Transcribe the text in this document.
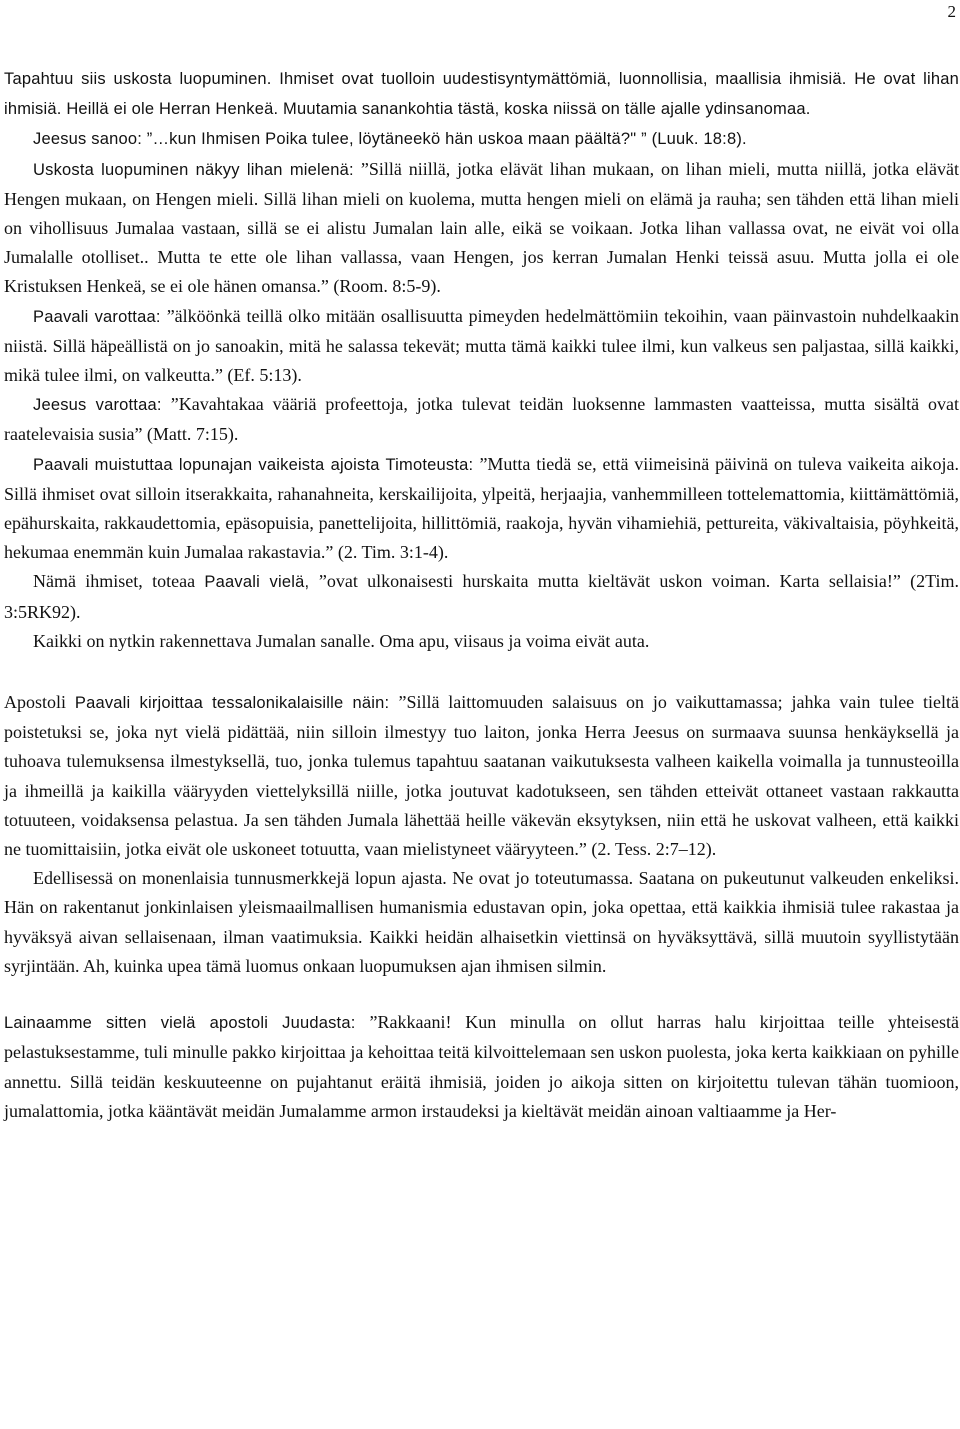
2

Tapahtuu siis uskosta luopuminen. Ihmiset ovat tuolloin uudestisyntymättömiä, luonnollisia, maallisia ihmisiä. He ovat lihan ihmisiä. Heillä ei ole Herran Henkeä. Muutamia sanankohtia tästä, koska niissä on tälle ajalle ydinsanomaa.

Jeesus sanoo: ”…kun Ihmisen Poika tulee, löytäneekö hän uskoa maan päältä?" ” (Luuk. 18:8).

Uskosta luopuminen näkyy lihan mielenä: ”Sillä niillä, jotka elävät lihan mukaan, on lihan mieli, mutta niillä, jotka elävät Hengen mukaan, on Hengen mieli. Sillä lihan mieli on kuolema, mutta hengen mieli on elämä ja rauha; sen tähden että lihan mieli on vihollisuus Jumalaa vastaan, sillä se ei alistu Jumalan lain alle, eikä se voikaan. Jotka lihan vallassa ovat, ne eivät voi olla Jumalalle otolliset.. Mutta te ette ole lihan vallassa, vaan Hengen, jos kerran Jumalan Henki teissä asuu. Mutta jolla ei ole Kristuksen Henkeä, se ei ole hänen omansa.” (Room. 8:5-9).

Paavali varottaa: ”älköönkä teillä olko mitään osallisuutta pimeyden hedelmättömiin tekoihin, vaan päinvastoin nuhdelkaakin niistä. Sillä häpeällistä on jo sanoakin, mitä he salassa tekevät; mutta tämä kaikki tulee ilmi, kun valkeus sen paljastaa, sillä kaikki, mikä tulee ilmi, on valkeutta.” (Ef. 5:13).

Jeesus varottaa: ”Kavahtakaa vääriä profeettoja, jotka tulevat teidän luoksenne lammasten vaatteissa, mutta sisältä ovat raatelevaisia susia” (Matt. 7:15).

Paavali muistuttaa lopunajan vaikeista ajoista Timoteusta: ”Mutta tiedä se, että viimeisinä päivinä on tuleva vaikeita aikoja. Sillä ihmiset ovat silloin itserakkaita, rahanahneita, kerskailijoita, ylpeitä, herjaajia, vanhemmilleen tottelemattomia, kiittämättömiä, epähurskaita, rakkaudettomia, epäsopuisia, panettelijoita, hillittömiä, raakoja, hyvän vihamiehiä, pettureita, väkivaltaisia, pöyhkeitä, hekumaa enemmän kuin Jumalaa rakastavia.” (2. Tim. 3:1-4).

Nämä ihmiset, toteaa Paavali vielä, ”ovat ulkonaisesti hurskaita mutta kieltävät uskon voiman. Karta sellaisia!” (2Tim. 3:5RK92).

Kaikki on nytkin rakennettava Jumalan sanalle. Oma apu, viisaus ja voima eivät auta.

Apostoli Paavali kirjoittaa tessalonikalaisille näin: ”Sillä laittomuuden salaisuus on jo vaikuttamassa; jahka vain tulee tieltä poistetuksi se, joka nyt vielä pidättää, niin silloin ilmestyy tuo laiton, jonka Herra Jeesus on surmaava suunsa henkäyksellä ja tuhoava tulemuksensa ilmestyksellä, tuo, jonka tulemus tapahtuu saatanan vaikutuksesta valheen kaikella voimalla ja tunnusteoilla ja ihmeillä ja kaikilla vääryyden viettelyksillä niille, jotka joutuvat kadotukseen, sen tähden etteivät ottaneet vastaan rakkautta totuuteen, voidaksensa pelastua. Ja sen tähden Jumala lähettää heille väkevän eksytyksen, niin että he uskovat valheen, että kaikki ne tuomittaisiin, jotka eivät ole uskoneet totuutta, vaan mielistyneet vääryyteen.” (2. Tess. 2:7–12).

Edellisessä on monenlaisia tunnusmerkkejä lopun ajasta. Ne ovat jo toteutumassa. Saatana on pukeutunut valkeuden enkeliksi. Hän on rakentanut jonkinlaisen yleismaailmallisen humanismia edustavan opin, joka opettaa, että kaikkia ihmisiä tulee rakastaa ja hyväksyä aivan sellaisenaan, ilman vaatimuksia. Kaikki heidän alhaisetkin viettinsä on hyväksyttävä, sillä muutoin syyllistytään syrjintään. Ah, kuinka upea tämä luomus onkaan luopumuksen ajan ihmisen silmin.

Lainaamme sitten vielä apostoli Juudasta: ”Rakkaani! Kun minulla on ollut harras halu kirjoittaa teille yhteisestä pelastuksestamme, tuli minulle pakko kirjoittaa ja kehoittaa teitä kilvoittelemaan sen uskon puolesta, joka kerta kaikkiaan on pyhille annettu. Sillä teidän keskuuteenne on pujahtanut eräitä ihmisiä, joiden jo aikoja sitten on kirjoitettu tulevan tähän tuomioon, jumalattomia, jotka kääntävät meidän Jumalamme armon irstaudeksi ja kieltävät meidän ainoan valtiaamme ja Her-
